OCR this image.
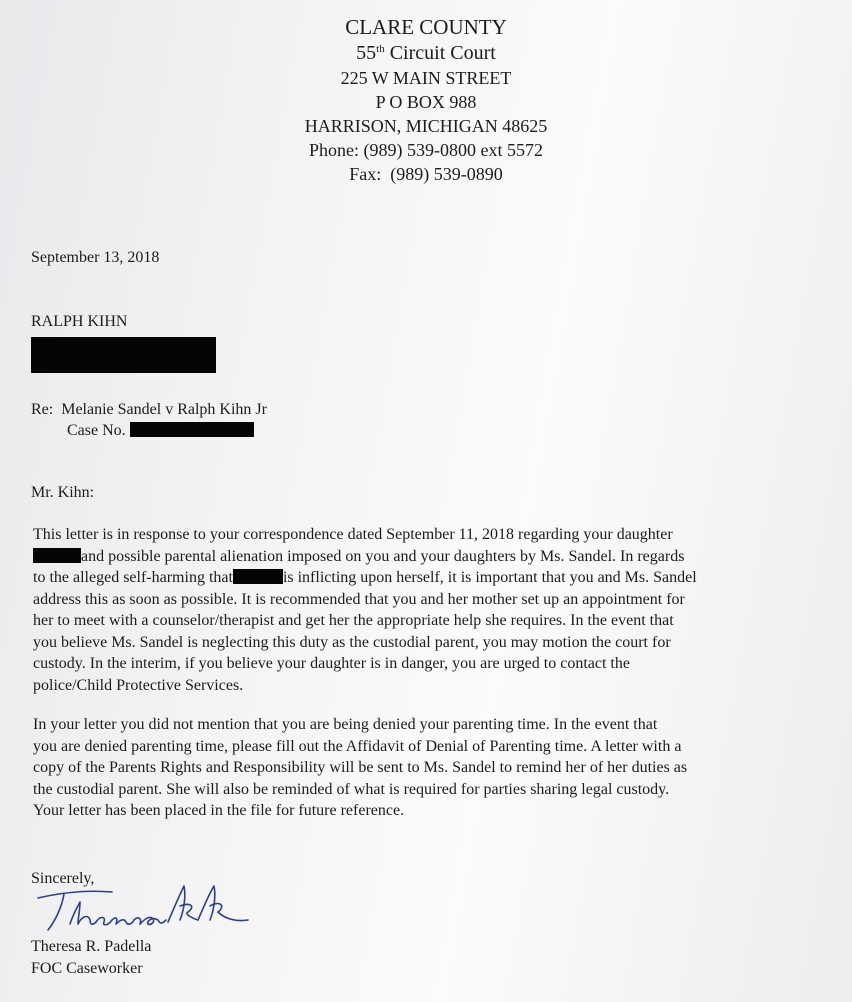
CLARE COUNTY
55th Circuit Court
225 W MAIN STREET
P O BOX 988
HARRISON, MICHIGAN 48625
Phone: (989) 539-0800 ext 5572
Fax:  (989) 539-0890
September 13, 2018
RALPH KIHN
Re: Melanie Sandel v Ralph Kihn Jr
Case No.
Mr. Kihn:
This letter is in response to your correspondence dated September 11, 2018 regarding your daughter
and possible parental alienation imposed on you and your daughters by Ms. Sandel. In regards
to the alleged self-harming that	is inflicting upon herself, it is important that you and Ms. Sandel
address this as soon as possible. It is recommended that you and her mother set up an appointment for
her to meet with a counselor/therapist and get her the appropriate help she requires. In the event that
you believe Ms. Sandel is neglecting this duty as the custodial parent, you may motion the court for
custody. In the interim, if you believe your daughter is in danger, you are urged to contact the
police/Child Protective Services.
In your letter you did not mention that you are being denied your parenting time. In the event that
you are denied parenting time, please fill out the Affidavit of Denial of Parenting time. A letter with a
copy of the Parents Rights and Responsibility will be sent to Ms. Sandel to remind her of her duties as
the custodial parent. She will also be reminded of what is required for parties sharing legal custody.
Your letter has been placed in the file for future reference.
Sincerely,
Theresa R. Padella
FOC Caseworker
